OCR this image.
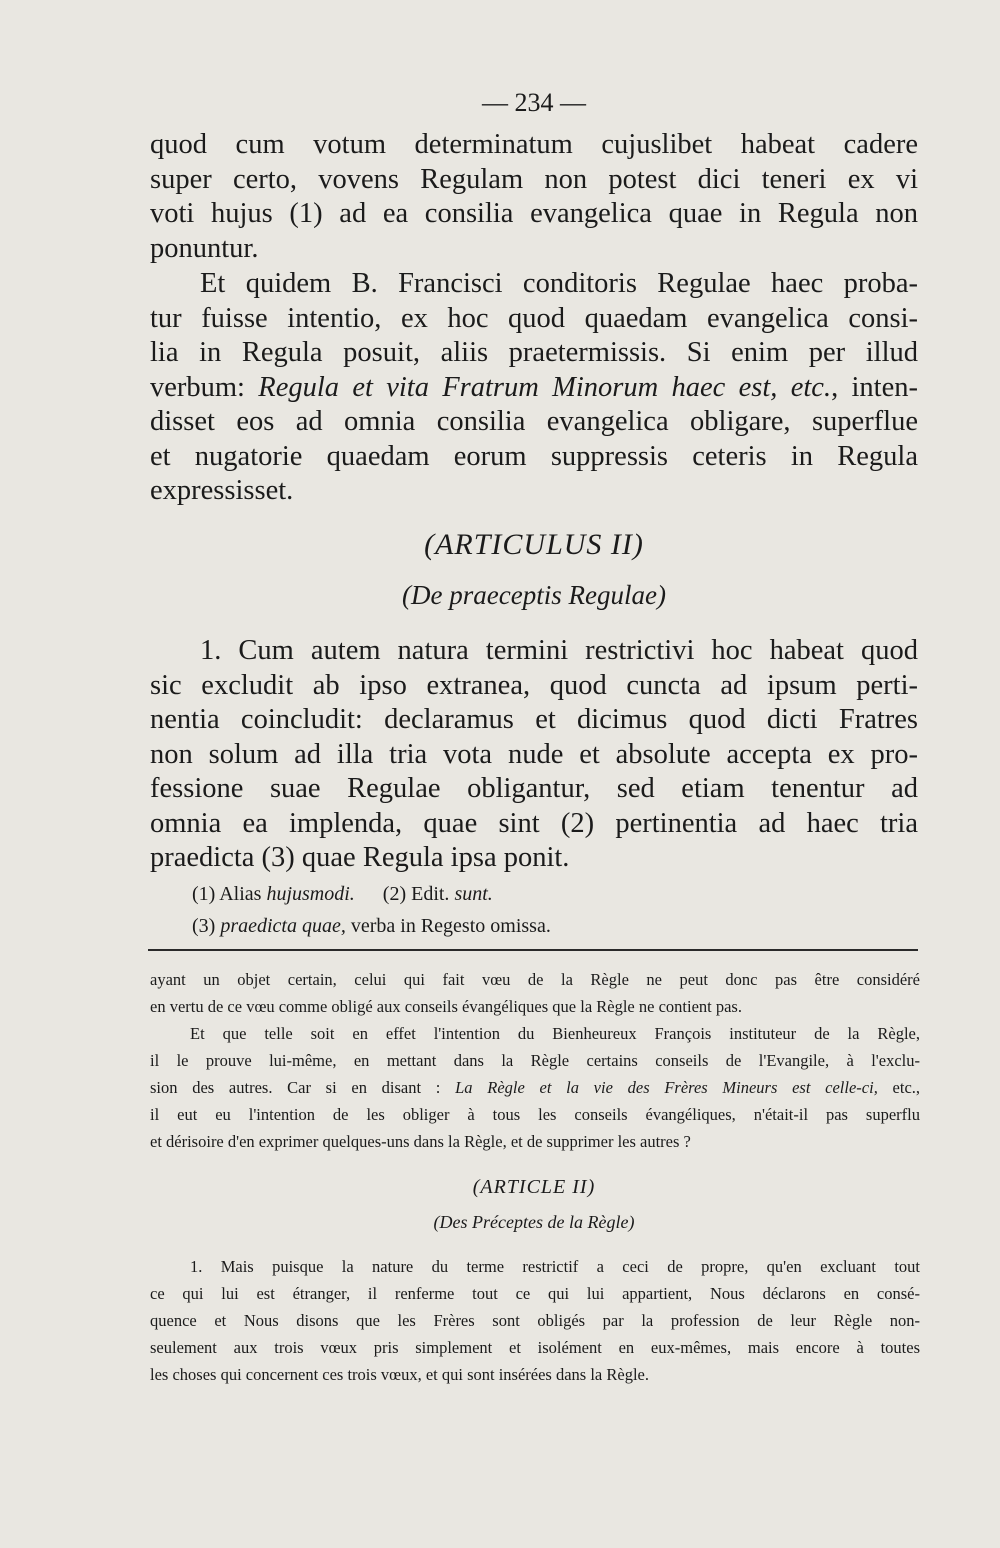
— 234 —

quod cum votum determinatum cujuslibet habeat cadere
super certo, vovens Regulam non potest dici teneri ex vi
voti hujus (1) ad ea consilia evangelica quae in Regula non
ponuntur.

Et quidem B. Francisci conditoris Regulae haec proba-
tur fuisse intentio, ex hoc quod quaedam evangelica consi-
lia in Regula posuit, aliis praetermissis. Si enim per illud
verbum: Regula et vita Fratrum Minorum haec est, etc., inten-
disset eos ad omnia consilia evangelica obligare, superflue
et nugatorie quaedam eorum suppressis ceteris in Regula
expressisset.

(ARTICULUS II)
(De praeceptis Regulae)

1. Cum autem natura termini restrictivi hoc habeat quod
sic excludit ab ipso extranea, quod cuncta ad ipsum perti-
nentia coincludit: declaramus et dicimus quod dicti Fratres
non solum ad illa tria vota nude et absolute accepta ex pro-
fessione suae Regulae obligantur, sed etiam tenentur ad
omnia ea implenda, quae sint (2) pertinentia ad haec tria
praedicta (3) quae Regula ipsa ponit.

(1) Alias hujusmodi. (2) Edit. sunt.
(3) praedicta quae, verba in Regesto omissa.
ayant un objet certain, celui qui fait vœu de la Règle ne peut donc pas être considéré
en vertu de ce vœu comme obligé aux conseils évangéliques que la Règle ne contient pas.
Et que telle soit en effet l'intention du Bienheureux François instituteur de la Règle,
il le prouve lui-même, en mettant dans la Règle certains conseils de l'Evangile, à l'exclu-
sion des autres. Car si en disant : La Règle et la vie des Frères Mineurs est celle-ci, etc.,
il eut eu l'intention de les obliger à tous les conseils évangéliques, n'était-il pas superflu
et dérisoire d'en exprimer quelques-uns dans la Règle, et de supprimer les autres ?
(ARTICLE II)
(Des Préceptes de la Règle)
1. Mais puisque la nature du terme restrictif a ceci de propre, qu'en excluant tout
ce qui lui est étranger, il renferme tout ce qui lui appartient, Nous déclarons en consé-
quence et Nous disons que les Frères sont obligés par la profession de leur Règle non-
seulement aux trois vœux pris simplement et isolément en eux-mêmes, mais encore à toutes
les choses qui concernent ces trois vœux, et qui sont insérées dans la Règle.
